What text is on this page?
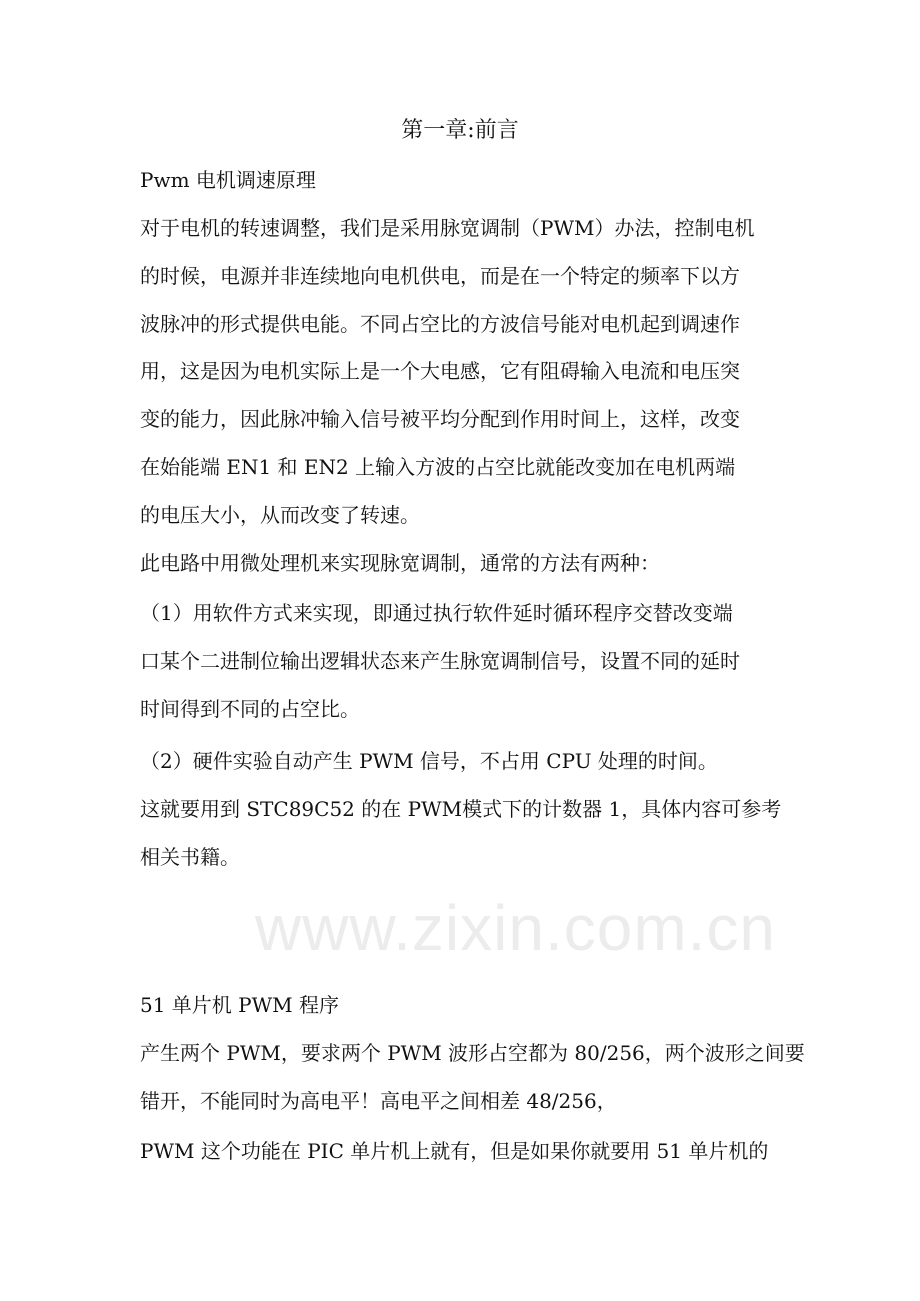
www.zixin.com.cn
第一章:前言
Pwm 电机调速原理
对于电机的转速调整，我们是采用脉宽调制（PWM）办法，控制电机
的时候，电源并非连续地向电机供电，而是在一个特定的频率下以方
波脉冲的形式提供电能。不同占空比的方波信号能对电机起到调速作
用，这是因为电机实际上是一个大电感，它有阻碍输入电流和电压突
变的能力，因此脉冲输入信号被平均分配到作用时间上，这样，改变
在始能端 EN1 和 EN2 上输入方波的占空比就能改变加在电机两端
的电压大小，从而改变了转速。
此电路中用微处理机来实现脉宽调制，通常的方法有两种：
（1）用软件方式来实现，即通过执行软件延时循环程序交替改变端
口某个二进制位输出逻辑状态来产生脉宽调制信号，设置不同的延时
时间得到不同的占空比。
（2）硬件实验自动产生 PWM 信号，不占用 CPU 处理的时间。
这就要用到 STC89C52 的在 PWM模式下的计数器 1，具体内容可参考
相关书籍。
51 单片机 PWM 程序
产生两个 PWM，要求两个 PWM 波形占空都为 80/256，两个波形之间要
错开，不能同时为高电平！高电平之间相差 48/256，
PWM 这个功能在 PIC 单片机上就有，但是如果你就要用 51 单片机的
